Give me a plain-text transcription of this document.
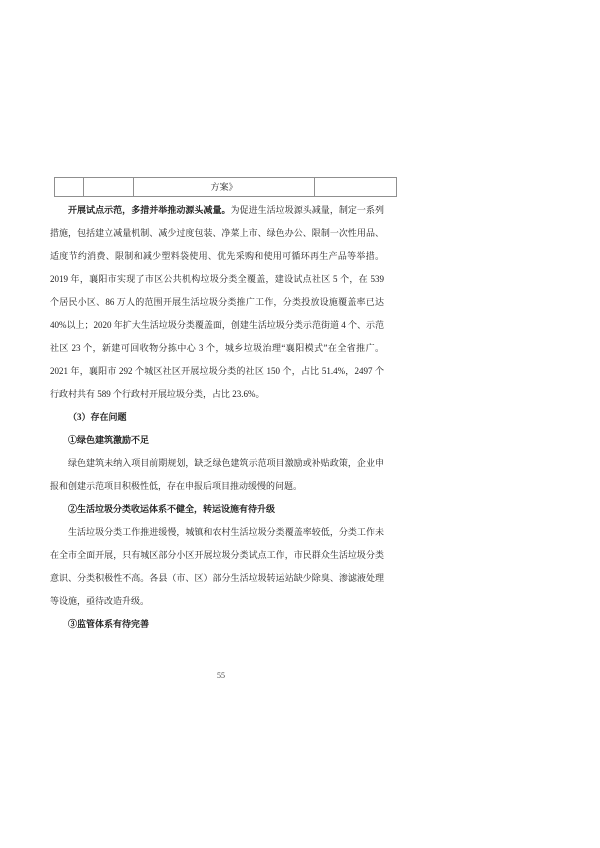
		方案》	

开展试点示范，多措并举推动源头减量。为促进生活垃圾源头减量，制定一系列措施，包括建立减量机制、减少过度包装、净菜上市、绿色办公、限制一次性用品、适度节约消费、限制和减少塑料袋使用、优先采购和使用可循环再生产品等举措。2019 年，襄阳市实现了市区公共机构垃圾分类全覆盖，建设试点社区 5 个，在 539 个居民小区、86 万人的范围开展生活垃圾分类推广工作，分类投放设施覆盖率已达 40%以上；2020 年扩大生活垃圾分类覆盖面，创建生活垃圾分类示范街道 4 个、示范社区 23 个，新建可回收物分拣中心 3 个，城乡垃圾治理“襄阳模式”在全省推广。2021 年，襄阳市 292 个城区社区开展垃圾分类的社区 150 个，占比 51.4%，2497 个行政村共有 589 个行政村开展垃圾分类，占比 23.6%。

（3）存在问题

①绿色建筑激励不足

绿色建筑未纳入项目前期规划，缺乏绿色建筑示范项目激励或补贴政策，企业申报和创建示范项目积极性低，存在申报后项目推动缓慢的问题。

②生活垃圾分类收运体系不健全，转运设施有待升级

生活垃圾分类工作推进缓慢，城镇和农村生活垃圾分类覆盖率较低，分类工作未在全市全面开展，只有城区部分小区开展垃圾分类试点工作，市民群众生活垃圾分类意识、分类积极性不高。各县（市、区）部分生活垃圾转运站缺少除臭、渗滤液处理等设施，亟待改造升级。

③监管体系有待完善

55
